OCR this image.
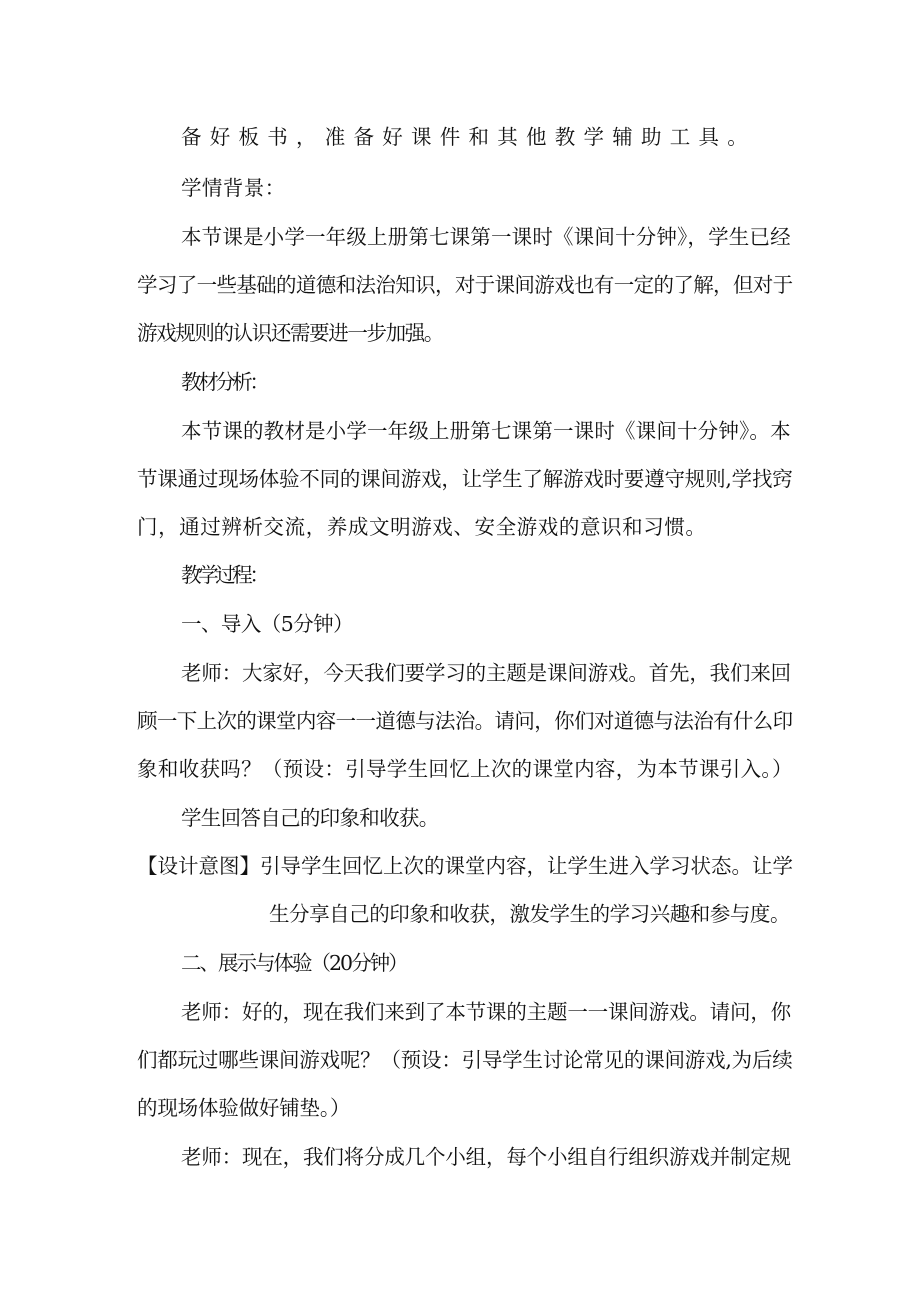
备好板书，准备好课件和其他教学辅助工具。
学情背景：
本节课是小学一年级上册第七课第一课时《课间十分钟》，学生已经
学习了一些基础的道德和法治知识，对于课间游戏也有一定的了解，但对于
游戏规则的认识还需要进一步加强。
教材分析：
本节课的教材是小学一年级上册第七课第一课时《课间十分钟》。本
节课通过现场体验不同的课间游戏，让学生了解游戏时要遵守规则,学找窍
门，通过辨析交流，养成文明游戏、安全游戏的意识和习惯。
教学过程：
一、导入（5分钟）
老师：大家好，今天我们要学习的主题是课间游戏。首先，我们来回
顾一下上次的课堂内容一一道德与法治。请问，你们对道德与法治有什么印
象和收获吗？（预设：引导学生回忆上次的课堂内容，为本节课引入。）
学生回答自己的印象和收获。
【设计意图】引导学生回忆上次的课堂内容，让学生进入学习状态。让学
生分享自己的印象和收获，激发学生的学习兴趣和参与度。
二、展示与体验（20分钟）
老师：好的，现在我们来到了本节课的主题一一课间游戏。请问，你
们都玩过哪些课间游戏呢？（预设：引导学生讨论常见的课间游戏,为后续
的现场体验做好铺垫。）
老师：现在，我们将分成几个小组，每个小组自行组织游戏并制定规
